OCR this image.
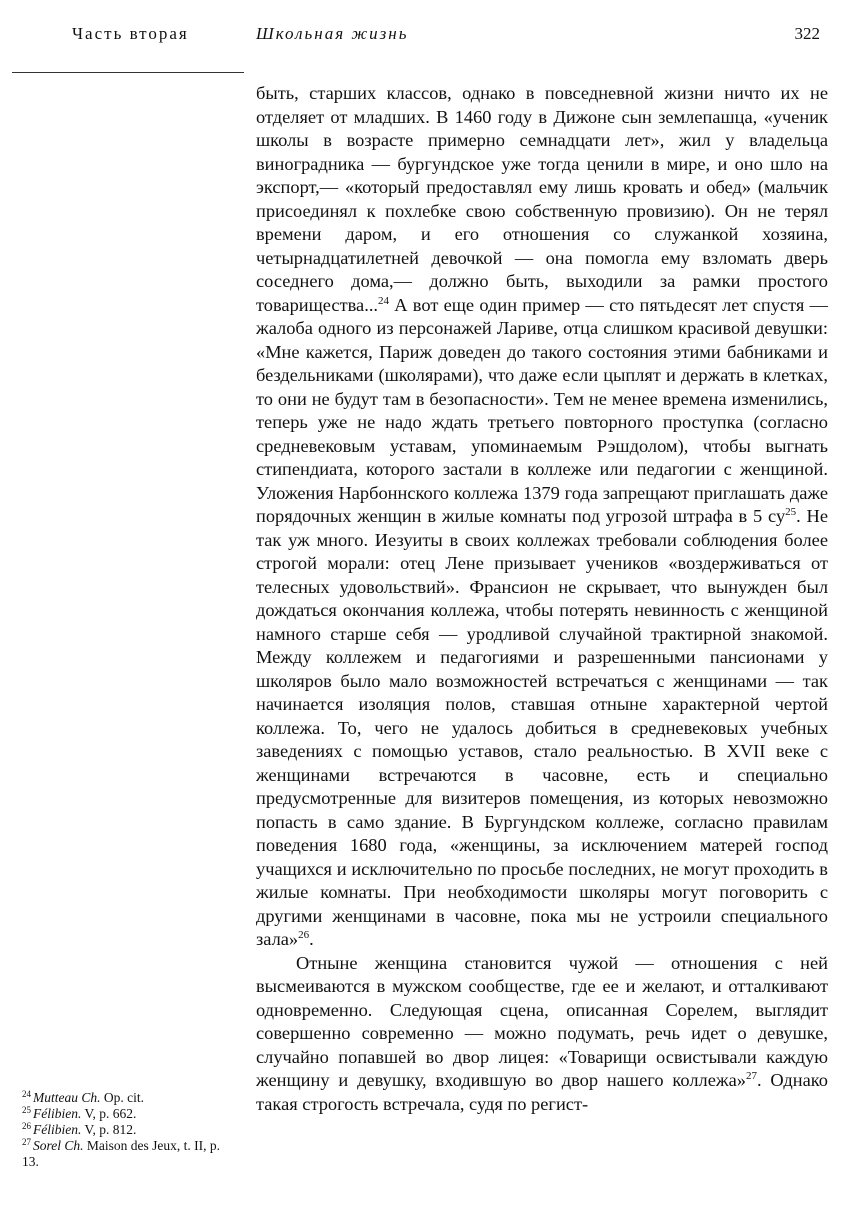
Часть вторая	Школьная жизнь	322

быть, старших классов, однако в повседневной жизни ничто их не отделяет от младших. В 1460 году в Дижоне сын землепашца, «ученик школы в возрасте примерно семнадцати лет», жил у владельца виноградника — бургундское уже тогда ценили в мире, и оно шло на экспорт,— «который предоставлял ему лишь кровать и обед» (мальчик присоединял к похлебке свою собственную провизию). Он не терял времени даром, и его отношения со служанкой хозяина, четырнадцатилетней девочкой — она помогла ему взломать дверь соседнего дома,— должно быть, выходили за рамки простого товарищества...$^{24}$ А вот еще один пример — сто пятьдесят лет спустя — жалоба одного из персонажей Ларивe, отца слишком красивой девушки: «Мне кажется, Париж доведен до такого состояния этими бабниками и бездельниками (школярами), что даже если цыплят и держать в клетках, то они не будут там в безопасности». Тем не менее времена изменились, теперь уже не надо ждать третьего повторного проступка (согласно средневековым уставам, упоминаемым Рэшдолом), чтобы выгнать стипендиата, которого застали в коллеже или педагогии с женщиной. Уложения Нарбоннского коллежа 1379 года запрещают приглашать даже порядочных женщин в жилые комнаты под угрозой штрафа в 5 $су^{25}$. Не так уж много. Иезуиты в своих коллежах требовали соблюдения более строгой морали: отец Лене призывает учеников «воздерживаться от телесных удовольствий». Франсион не скрывает, что вынужден был дождаться окончания коллежа, чтобы потерять невинность с женщиной намного старше себя — уродливой случайной трактирной знакомой. Между коллежем и педагогиями и разрешенными пансионами у школяров было мало возможностей встречаться с женщинами — так начинается изоляция полов, ставшая отныне характерной чертой коллежа. То, чего не удалось добиться в средневековых учебных заведениях с помощью уставов, стало реальностью. В XVII веке с женщинами встречаются в часовне, есть и специально предусмотренные для визитеров помещения, из которых невозможно попасть в само здание. В Бургундском коллеже, согласно правилам поведения 1680 года, «женщины, за исключением матерей господ учащихся и исключительно по просьбе последних, не могут проходить в жилые комнаты. При необходимости школяры могут поговорить с другими женщинами в часовне, пока мы не устроили специального зала»$^{26}$.

Отныне женщина становится чужой — отношения с ней высмеиваются в мужском сообществе, где ее и желают, и отталкивают одновременно. Следующая сцена, описанная Сорелем, выглядит совершенно современно — можно подумать, речь идет о девушке, случайно попавшей во двор лицея: «Товарищи освистывали каждую женщину и девушку, входившую во двор нашего коллежа»$^{27}$. Однако такая строгость встречала, судя по регист-

$^{24}$ Mutteau Ch. Op. cit.

$^{25}$ Félibien. V, p. 662.

$^{26}$ Félibien. V, p. 812.

$^{27}$ Sorel Ch. Maison des Jeux, t. II, p. 13.
